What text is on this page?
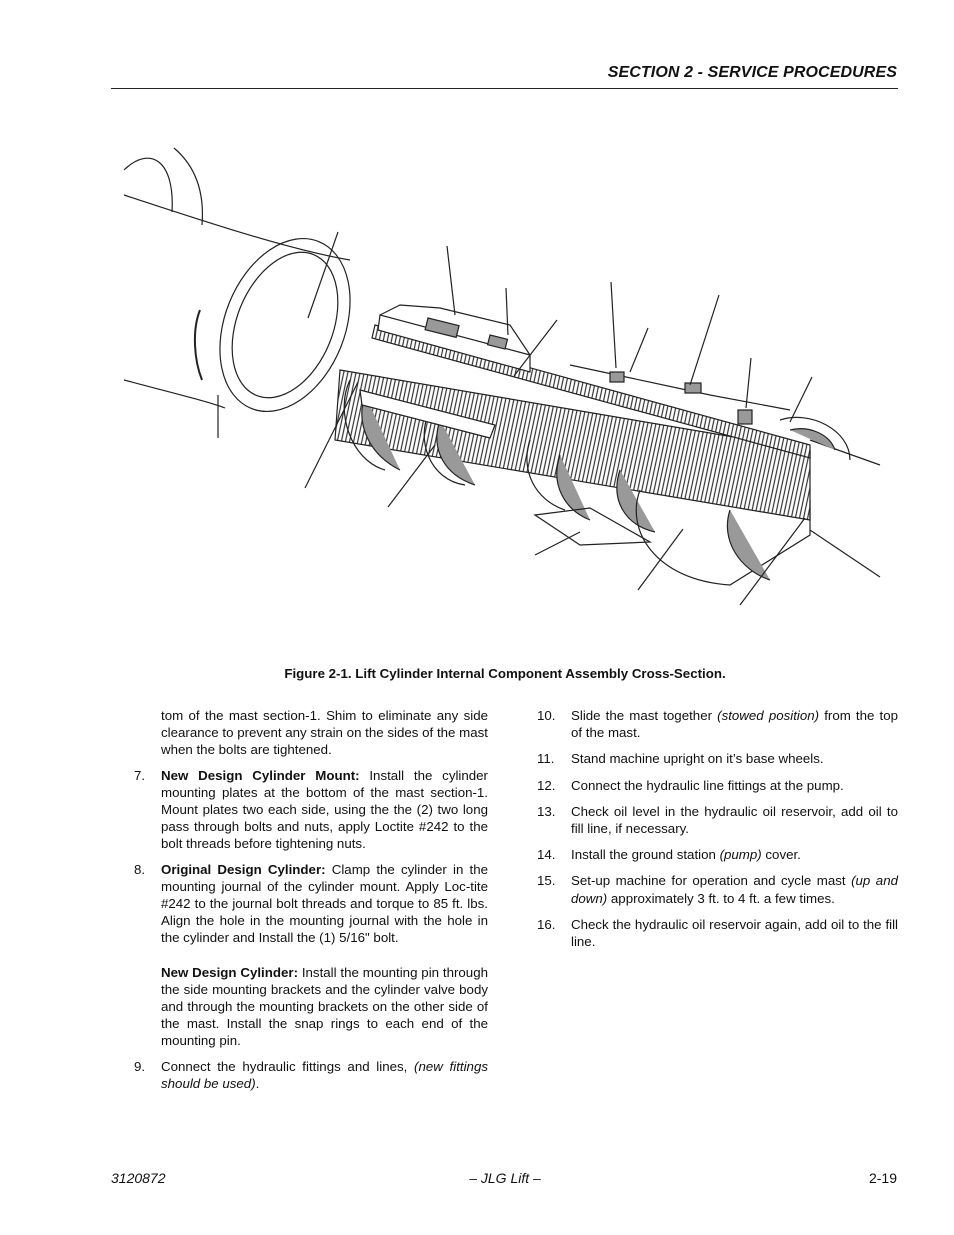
SECTION 2 - SERVICE PROCEDURES
Figure 2-1. Lift Cylinder Internal Component Assembly Cross-Section.

tom of the mast section-1. Shim to eliminate any side clearance to prevent any strain on the sides of the mast when the bolts are tightened.

7. New Design Cylinder Mount: Install the cylinder mounting plates at the bottom of the mast section-1. Mount plates two each side, using the the (2) two long pass through bolts and nuts, apply Loctite #242 to the bolt threads before tightening nuts.

8. Original Design Cylinder: Clamp the cylinder in the mounting journal of the cylinder mount. Apply Loc-tite #242 to the journal bolt threads and torque to 85 ft. lbs. Align the hole in the mounting journal with the hole in the cylinder and Install the (1) 5/16" bolt.

New Design Cylinder: Install the mounting pin through the side mounting brackets and the cylinder valve body and through the mounting brackets on the other side of the mast. Install the snap rings to each end of the mounting pin.

9. Connect the hydraulic fittings and lines, (new fittings should be used).

10. Slide the mast together (stowed position) from the top of the mast.

11. Stand machine upright on it’s base wheels.

12. Connect the hydraulic line fittings at the pump.

13. Check oil level in the hydraulic oil reservoir, add oil to fill line, if necessary.

14. Install the ground station (pump) cover.

15. Set-up machine for operation and cycle mast (up and down) approximately 3 ft. to 4 ft. a few times.

16. Check the hydraulic oil reservoir again, add oil to the fill line.

3120872	– JLG Lift –	2-19
